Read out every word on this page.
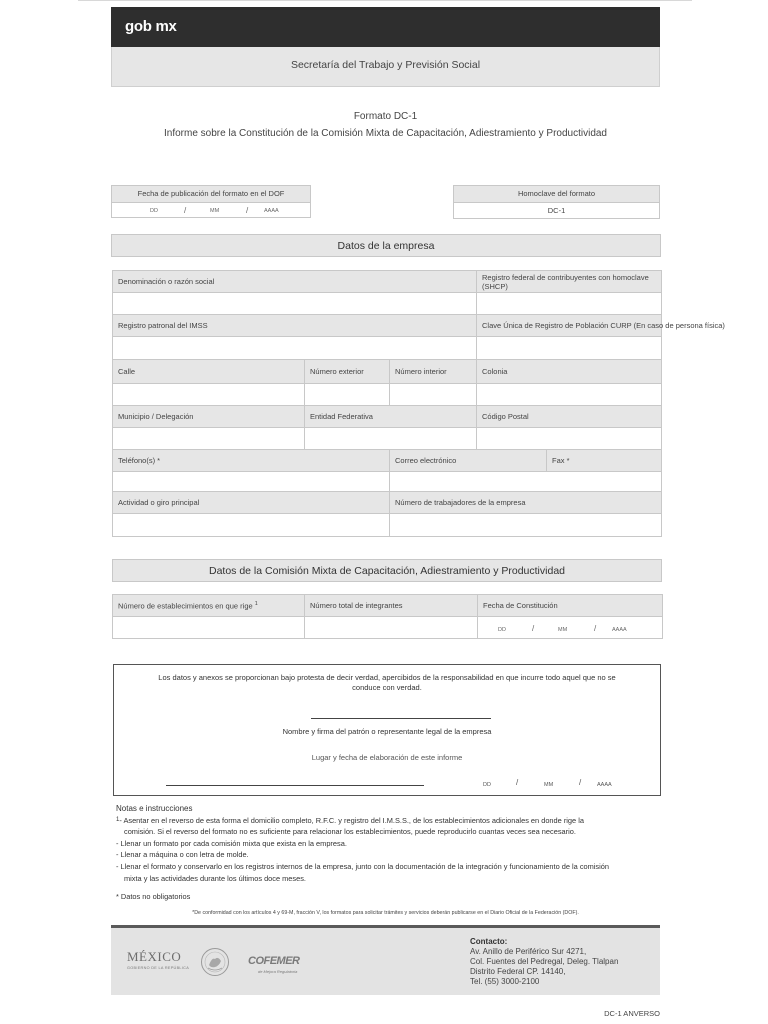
gob mx
Secretaría del Trabajo y Previsión Social
Formato DC-1
Informe sobre la Constitución de la Comisión Mixta de Capacitación, Adiestramiento y Productividad
Fecha de publicación del formato en el DOF
DD	/	MM	/	AAAA
Homoclave del formato
DC-1
Datos de la empresa
Denominación o razón social			Registro federal de contribuyentes con homoclave (SHCP)	

Registro patronal del IMSS			Clave Única de Registro de Población CURP (En caso de persona física)	

Calle	Número exterior	Número interior	Colonia	

Municipio / Delegación	Entidad Federativa		Código Postal	

Teléfono(s) *		Correo electrónico		Fax *

Actividad o giro principal		Número de trabajadores de la empresa		

Datos de la Comisión Mixta de Capacitación, Adiestramiento y Productividad
Número de establecimientos en que rige $^1$	Número total de integrantes	Fecha de Constitución

		DD / MM / AAAA
Los datos y anexos se proporcionan bajo protesta de decir verdad, apercibidos de la responsabilidad en que incurre todo aquel que no se conduce con verdad.
Nombre y firma del patrón o representante legal de la empresa
Lugar y fecha de elaboración de este informe
DD	/	MM	/	AAAA
Notas e instrucciones
$^1$- Asentar en el reverso de esta forma el domicilio completo, R.F.C. y registro del I.M.S.S., de los establecimientos adicionales en donde rige la
comisión. Si el reverso del formato no es suficiente para relacionar los establecimientos, puede reproducirlo cuantas veces sea necesario.
- Llenar un formato por cada comisión mixta que exista en la empresa.
- Llenar a máquina o con letra de molde.
- Llenar el formato y conservarlo en los registros internos de la empresa, junto con la documentación de la integración y funcionamiento de la comisión
mixta y las actividades durante los últimos doce meses.
* Datos no obligatorios
*De conformidad con los artículos 4 y 69-M, fracción V, los formatos para solicitar trámites y servicios deberán publicarse en el Diario Oficial de la Federación (DOF).
MÉXICO
GOBIERNO DE LA REPÚBLICA
COFEMER
de Mejora Regulatoria
Contacto:
Av. Anillo de Periférico Sur 4271,
Col. Fuentes del Pedregal, Deleg. Tlalpan
Distrito Federal CP. 14140,
Tel. (55) 3000-2100
DC-1 ANVERSO
